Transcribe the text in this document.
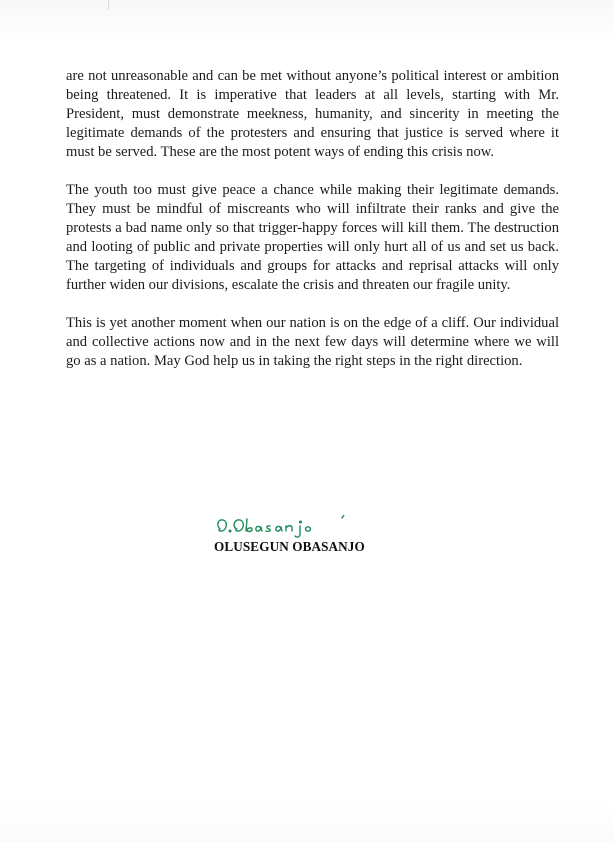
are not unreasonable and can be met without anyone’s political interest or ambition being threatened. It is imperative that leaders at all levels, starting with Mr. President, must demonstrate meekness, humanity, and sincerity in meeting the legitimate demands of the protesters and ensuring that justice is served where it must be served. These are the most potent ways of ending this crisis now.

The youth too must give peace a chance while making their legitimate demands. They must be mindful of miscreants who will infiltrate their ranks and give the protests a bad name only so that trigger-happy forces will kill them. The destruction and looting of public and private properties will only hurt all of us and set us back. The targeting of individuals and groups for attacks and reprisal attacks will only further widen our divisions, escalate the crisis and threaten our fragile unity.

This is yet another moment when our nation is on the edge of a cliff. Our individual and collective actions now and in the next few days will determine where we will go as a nation. May God help us in taking the right steps in the right direction.

OLUSEGUN OBASANJO
